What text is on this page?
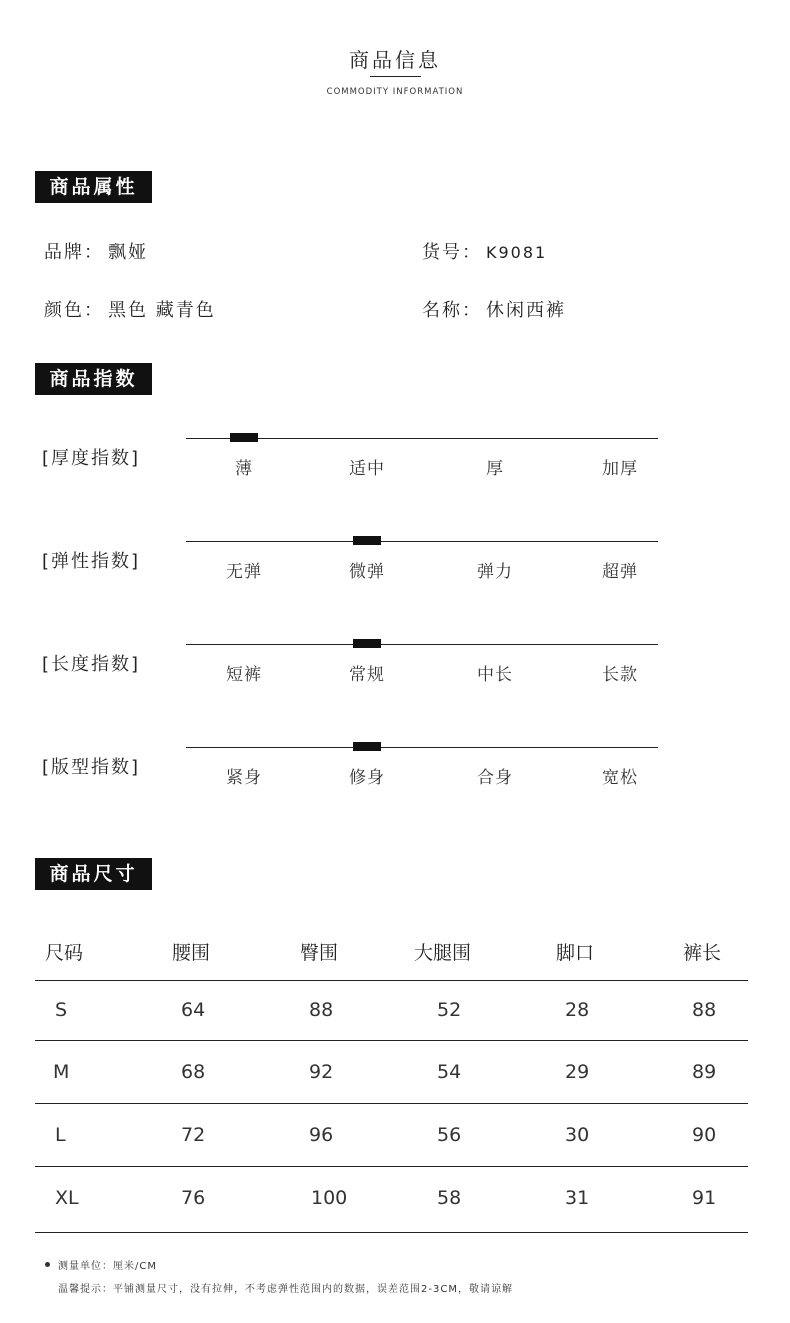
商品信息
COMMODITY INFORMATION
商品属性
品牌： 飘娅	货号： K9081
颜色： 黑色 藏青色	名称： 休闲西裤
商品指数
[厚度指数]	薄	适中	厚	加厚
[弹性指数]	无弹	微弹	弹力	超弹
[长度指数]	短裤	常规	中长	长款
[版型指数]	紧身	修身	合身	宽松
商品尺寸
尺码	腰围	臀围	大腿围	脚口	裤长
S	64	88	52	28	88
M	68	92	54	29	89
L	72	96	56	30	90
XL	76	100	58	31	91
测量单位：厘米/CM
温馨提示：平铺测量尺寸，没有拉伸，不考虑弹性范围内的数据，误差范围2-3CM，敬请谅解
